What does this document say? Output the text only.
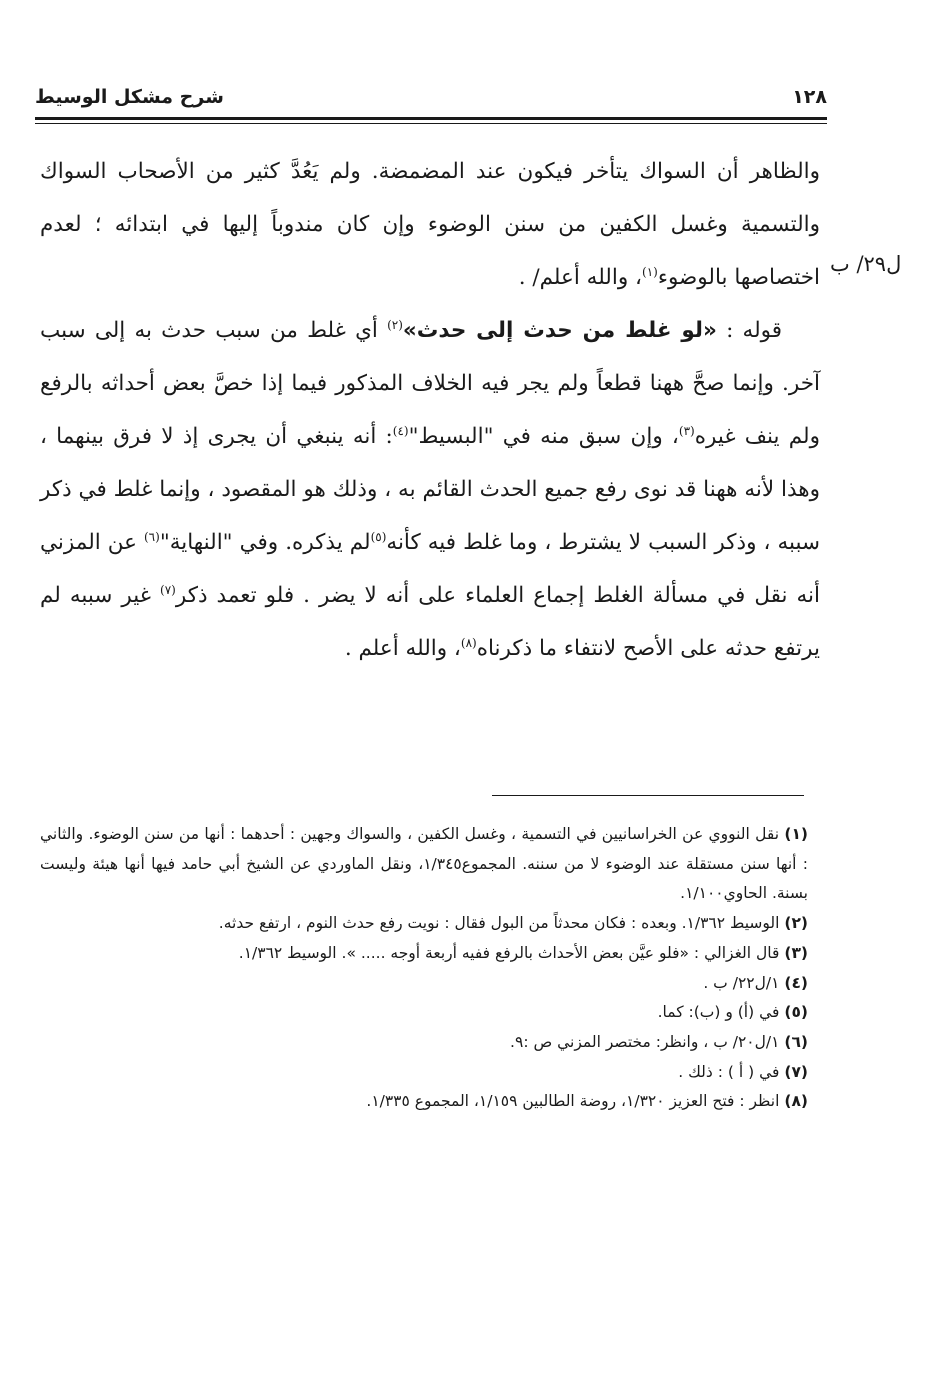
١٢٨
شرح مشكل الوسيط
ل٢٩/ ب

والظاهر أن السواك يتأخر فيكون عند المضمضة. ولم يَعُدَّ كثير من الأصحاب السواك والتسمية وغسل الكفين من سنن الوضوء وإن كان مندوباً إليها في ابتدائه ؛ لعدم اختصاصها بالوضوء$^{(١)}$، والله أعلم/ .

قوله : «لو غلط من حدث إلى حدث»$^{(٢)}$ أي غلط من سبب حدث به إلى سبب آخر. وإنما صحَّ ههنا قطعاً ولم يجر فيه الخلاف المذكور فيما إذا خصَّ بعض أحداثه بالرفع ولم ينف غيره$^{(٣)}$، وإن سبق منه في "البسيط"$^{(٤)}$: أنه ينبغي أن يجرى إذ لا فرق بينهما ، وهذا لأنه ههنا قد نوى رفع جميع الحدث القائم به ، وذلك هو المقصود ، وإنما غلط في ذكر سببه ، وذكر السبب لا يشترط ، وما غلط فيه كأنه$^{(٥)}$لم يذكره. وفي "النهاية"$^{(٦)}$ عن المزني أنه نقل في مسألة الغلط إجماع العلماء على أنه لا يضر . فلو تعمد ذكر$^{(٧)}$ غير سببه لم يرتفع حدثه على الأصح لانتفاء ما ذكرناه$^{(٨)}$، والله أعلم .

(١) نقل النووي عن الخراسانيين في التسمية ، وغسل الكفين ، والسواك وجهين : أحدهما : أنها من سنن الوضوء. والثاني : أنها سنن مستقلة عند الوضوء لا من سننه. المجموع١/٣٤٥، ونقل الماوردي عن الشيخ أبي حامد فيها أنها هيئة وليست بسنة. الحاوي١/١٠٠.

(٢) الوسيط ١/٣٦٢. وبعده : فكان محدثاً من البول فقال : نويت رفع حدث النوم ، ارتفع حدثه.

(٣) قال الغزالي : «فلو عيَّن بعض الأحداث بالرفع ففيه أربعة أوجه ..... ». الوسيط ١/٣٦٢.

(٤) ١/ل٢٢/ ب .

(٥) في (أ) و (ب): كما.

(٦) ١/ل٢٠/ ب ، وانظر: مختصر المزني ص :٩.

(٧) في ( أ ) : ذلك .

(٨) انظر : فتح العزيز ١/٣٢٠، روضة الطالبين ١/١٥٩، المجموع ١/٣٣٥.
